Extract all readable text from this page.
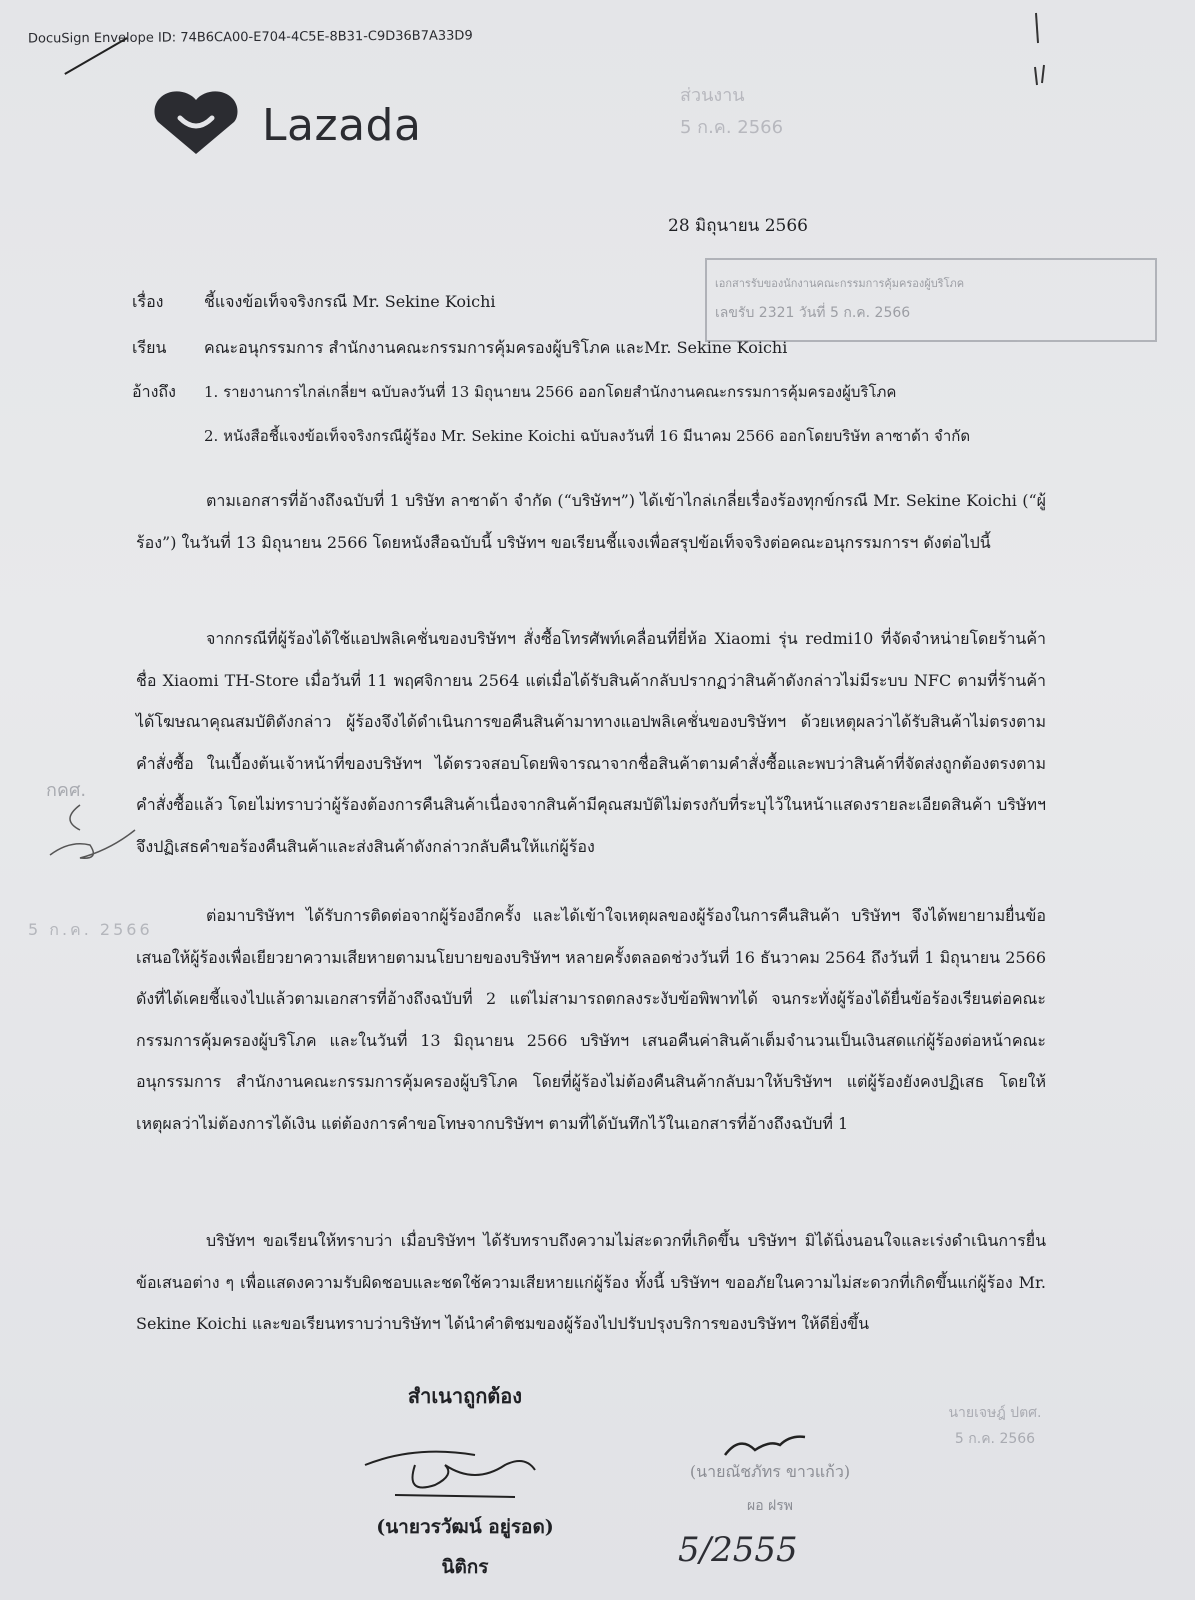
DocuSign Envelope ID: 74B6CA00-E704-4C5E-8B31-C9D36B7A33D9
ส่วนงาน
5 ก.ค. 2566
Lazada
28 มิถุนายน 2566
เอกสารรับของนักงานคณะกรรมการคุ้มครองผู้บริโภค
เลขรับ 2321 วันที่ 5 ก.ค. 2566
เรื่อง	ชี้แจงข้อเท็จจริงกรณี Mr. Sekine Koichi
เรียน	คณะอนุกรรมการ สำนักงานคณะกรรมการคุ้มครองผู้บริโภค และMr. Sekine Koichi
อ้างถึง	1. รายงานการไกล่เกลี่ยฯ ฉบับลงวันที่ 13 มิถุนายน 2566 ออกโดยสำนักงานคณะกรรมการคุ้มครองผู้บริโภค
2. หนังสือชี้แจงข้อเท็จจริงกรณีผู้ร้อง Mr. Sekine Koichi ฉบับลงวันที่ 16 มีนาคม 2566 ออกโดยบริษัท ลาซาด้า จำกัด
ตามเอกสารที่อ้างถึงฉบับที่ 1 บริษัท ลาซาด้า จำกัด (“บริษัทฯ”) ได้เข้าไกล่เกลี่ยเรื่องร้องทุกข์กรณี Mr. Sekine Koichi (“ผู้ร้อง”) ในวันที่ 13 มิถุนายน 2566 โดยหนังสือฉบับนี้ บริษัทฯ ขอเรียนชี้แจงเพื่อสรุปข้อเท็จจริงต่อคณะอนุกรรมการฯ ดังต่อไปนี้
จากกรณีที่ผู้ร้องได้ใช้แอปพลิเคชั่นของบริษัทฯ สั่งซื้อโทรศัพท์เคลื่อนที่ยี่ห้อ Xiaomi รุ่น redmi10 ที่จัดจำหน่ายโดยร้านค้าชื่อ Xiaomi TH-Store เมื่อวันที่ 11 พฤศจิกายน 2564 แต่เมื่อได้รับสินค้ากลับปรากฏว่าสินค้าดังกล่าวไม่มีระบบ NFC ตามที่ร้านค้าได้โฆษณาคุณสมบัติดังกล่าว ผู้ร้องจึงได้ดำเนินการขอคืนสินค้ามาทางแอปพลิเคชั่นของบริษัทฯ ด้วยเหตุผลว่าได้รับสินค้าไม่ตรงตามคำสั่งซื้อ ในเบื้องต้นเจ้าหน้าที่ของบริษัทฯ ได้ตรวจสอบโดยพิจารณาจากชื่อสินค้าตามคำสั่งซื้อและพบว่าสินค้าที่จัดส่งถูกต้องตรงตามคำสั่งซื้อแล้ว โดยไม่ทราบว่าผู้ร้องต้องการคืนสินค้าเนื่องจากสินค้ามีคุณสมบัติไม่ตรงกับที่ระบุไว้ในหน้าแสดงรายละเอียดสินค้า บริษัทฯ จึงปฏิเสธคำขอร้องคืนสินค้าและส่งสินค้าดังกล่าวกลับคืนให้แก่ผู้ร้อง
ต่อมาบริษัทฯ ได้รับการติดต่อจากผู้ร้องอีกครั้ง และได้เข้าใจเหตุผลของผู้ร้องในการคืนสินค้า บริษัทฯ จึงได้พยายามยื่นข้อเสนอให้ผู้ร้องเพื่อเยียวยาความเสียหายตามนโยบายของบริษัทฯ หลายครั้งตลอดช่วงวันที่ 16 ธันวาคม 2564 ถึงวันที่ 1 มิถุนายน 2566 ดังที่ได้เคยชี้แจงไปแล้วตามเอกสารที่อ้างถึงฉบับที่ 2 แต่ไม่สามารถตกลงระงับข้อพิพาทได้ จนกระทั่งผู้ร้องได้ยื่นข้อร้องเรียนต่อคณะกรรมการคุ้มครองผู้บริโภค และในวันที่ 13 มิถุนายน 2566 บริษัทฯ เสนอคืนค่าสินค้าเต็มจำนวนเป็นเงินสดแก่ผู้ร้องต่อหน้าคณะอนุกรรมการ สำนักงานคณะกรรมการคุ้มครองผู้บริโภค โดยที่ผู้ร้องไม่ต้องคืนสินค้ากลับมาให้บริษัทฯ แต่ผู้ร้องยังคงปฏิเสธ โดยให้เหตุผลว่าไม่ต้องการได้เงิน แต่ต้องการคำขอโทษจากบริษัทฯ ตามที่ได้บันทึกไว้ในเอกสารที่อ้างถึงฉบับที่ 1
บริษัทฯ ขอเรียนให้ทราบว่า เมื่อบริษัทฯ ได้รับทราบถึงความไม่สะดวกที่เกิดขึ้น บริษัทฯ มิได้นิ่งนอนใจและเร่งดำเนินการยื่นข้อเสนอต่าง ๆ เพื่อแสดงความรับผิดชอบและชดใช้ความเสียหายแก่ผู้ร้อง ทั้งนี้ บริษัทฯ ขออภัยในความไม่สะดวกที่เกิดขึ้นแก่ผู้ร้อง Mr. Sekine Koichi และขอเรียนทราบว่าบริษัทฯ ได้นำคำติชมของผู้ร้องไปปรับปรุงบริการของบริษัทฯ ให้ดียิ่งขึ้น
กคศ.
5 ก.ค. 2566
สำเนาถูกต้อง
(นายวรวัฒน์ อยู่รอด)
นิติกร
(นายณัชภัทร ขาวแก้ว)
ผอ ฝรพ
5/2555
นายเจษฎ์ ปตศ.
5 ก.ค. 2566
